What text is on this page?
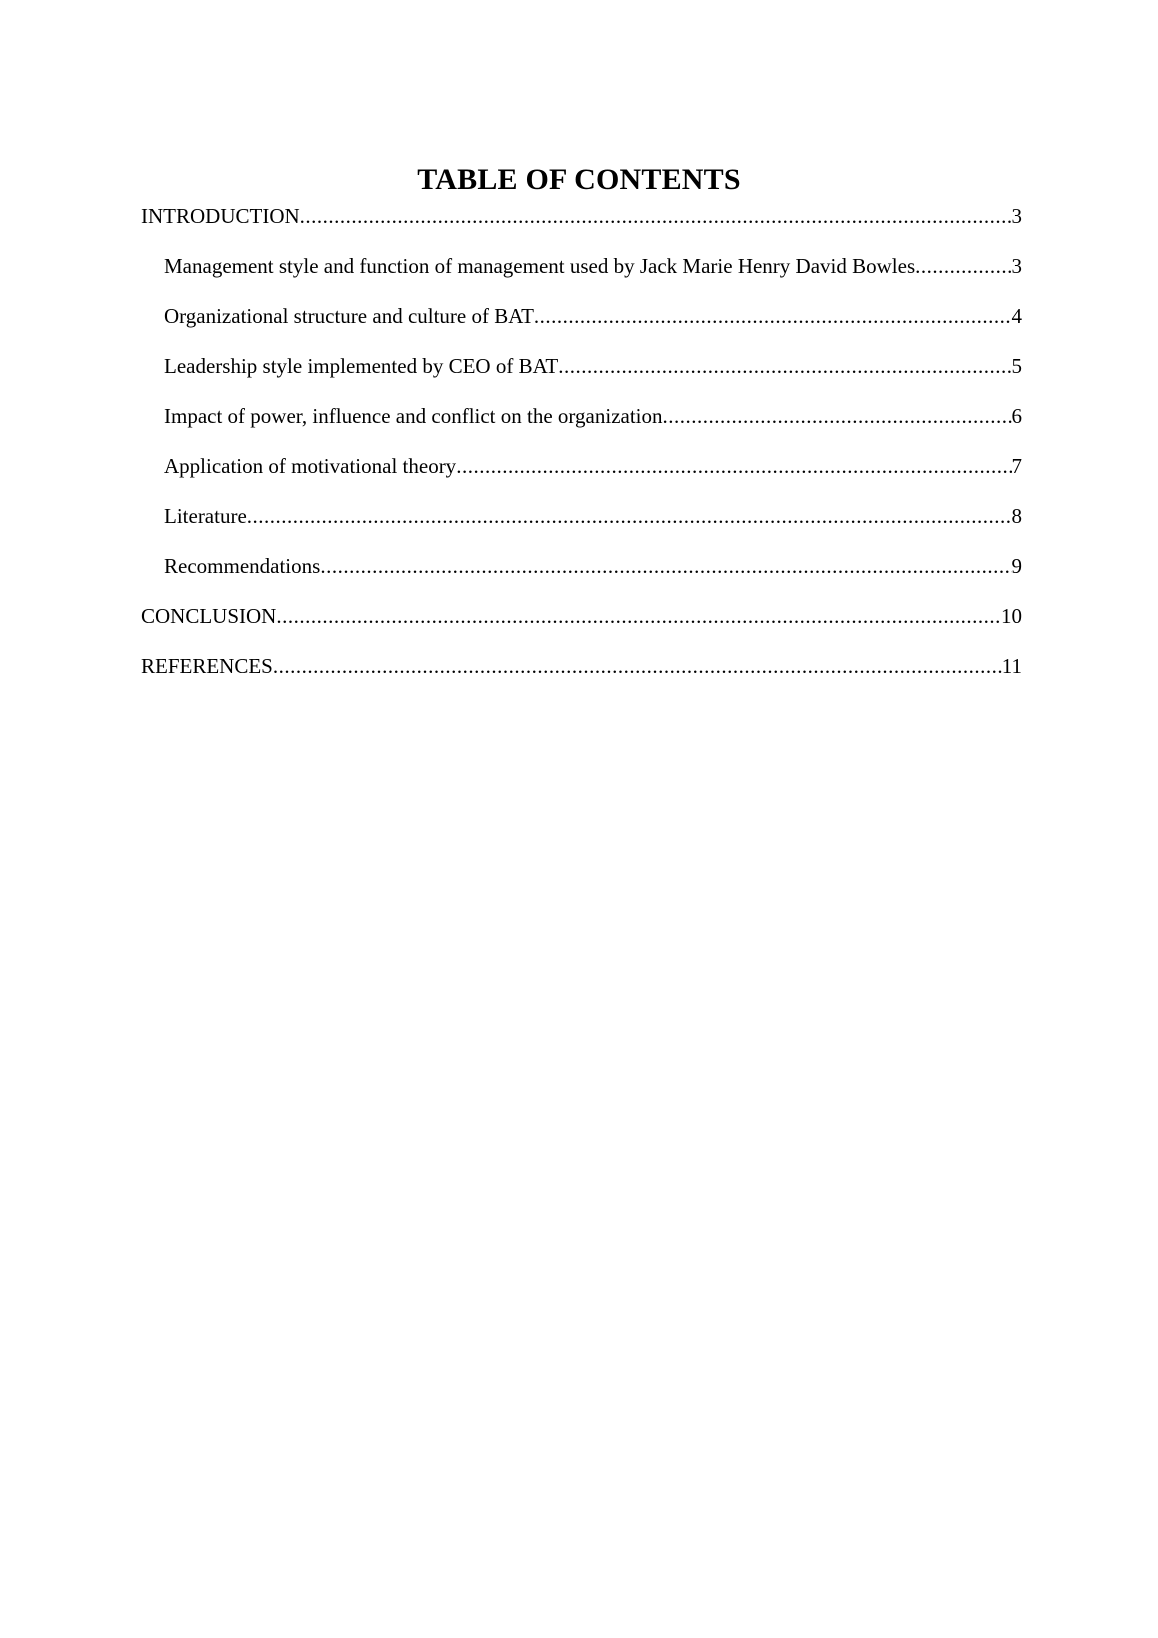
TABLE OF CONTENTS
INTRODUCTION .....	3
Management style and function of management used by Jack Marie Henry David Bowles .....	3
Organizational structure and culture of BAT .....	4
Leadership style implemented by CEO of BAT .....	5
Impact of power, influence and conflict on the organization .....	6
Application of motivational theory .....	7
Literature .....	8
Recommendations .....	9
CONCLUSION .....	10
REFERENCES .....	11
